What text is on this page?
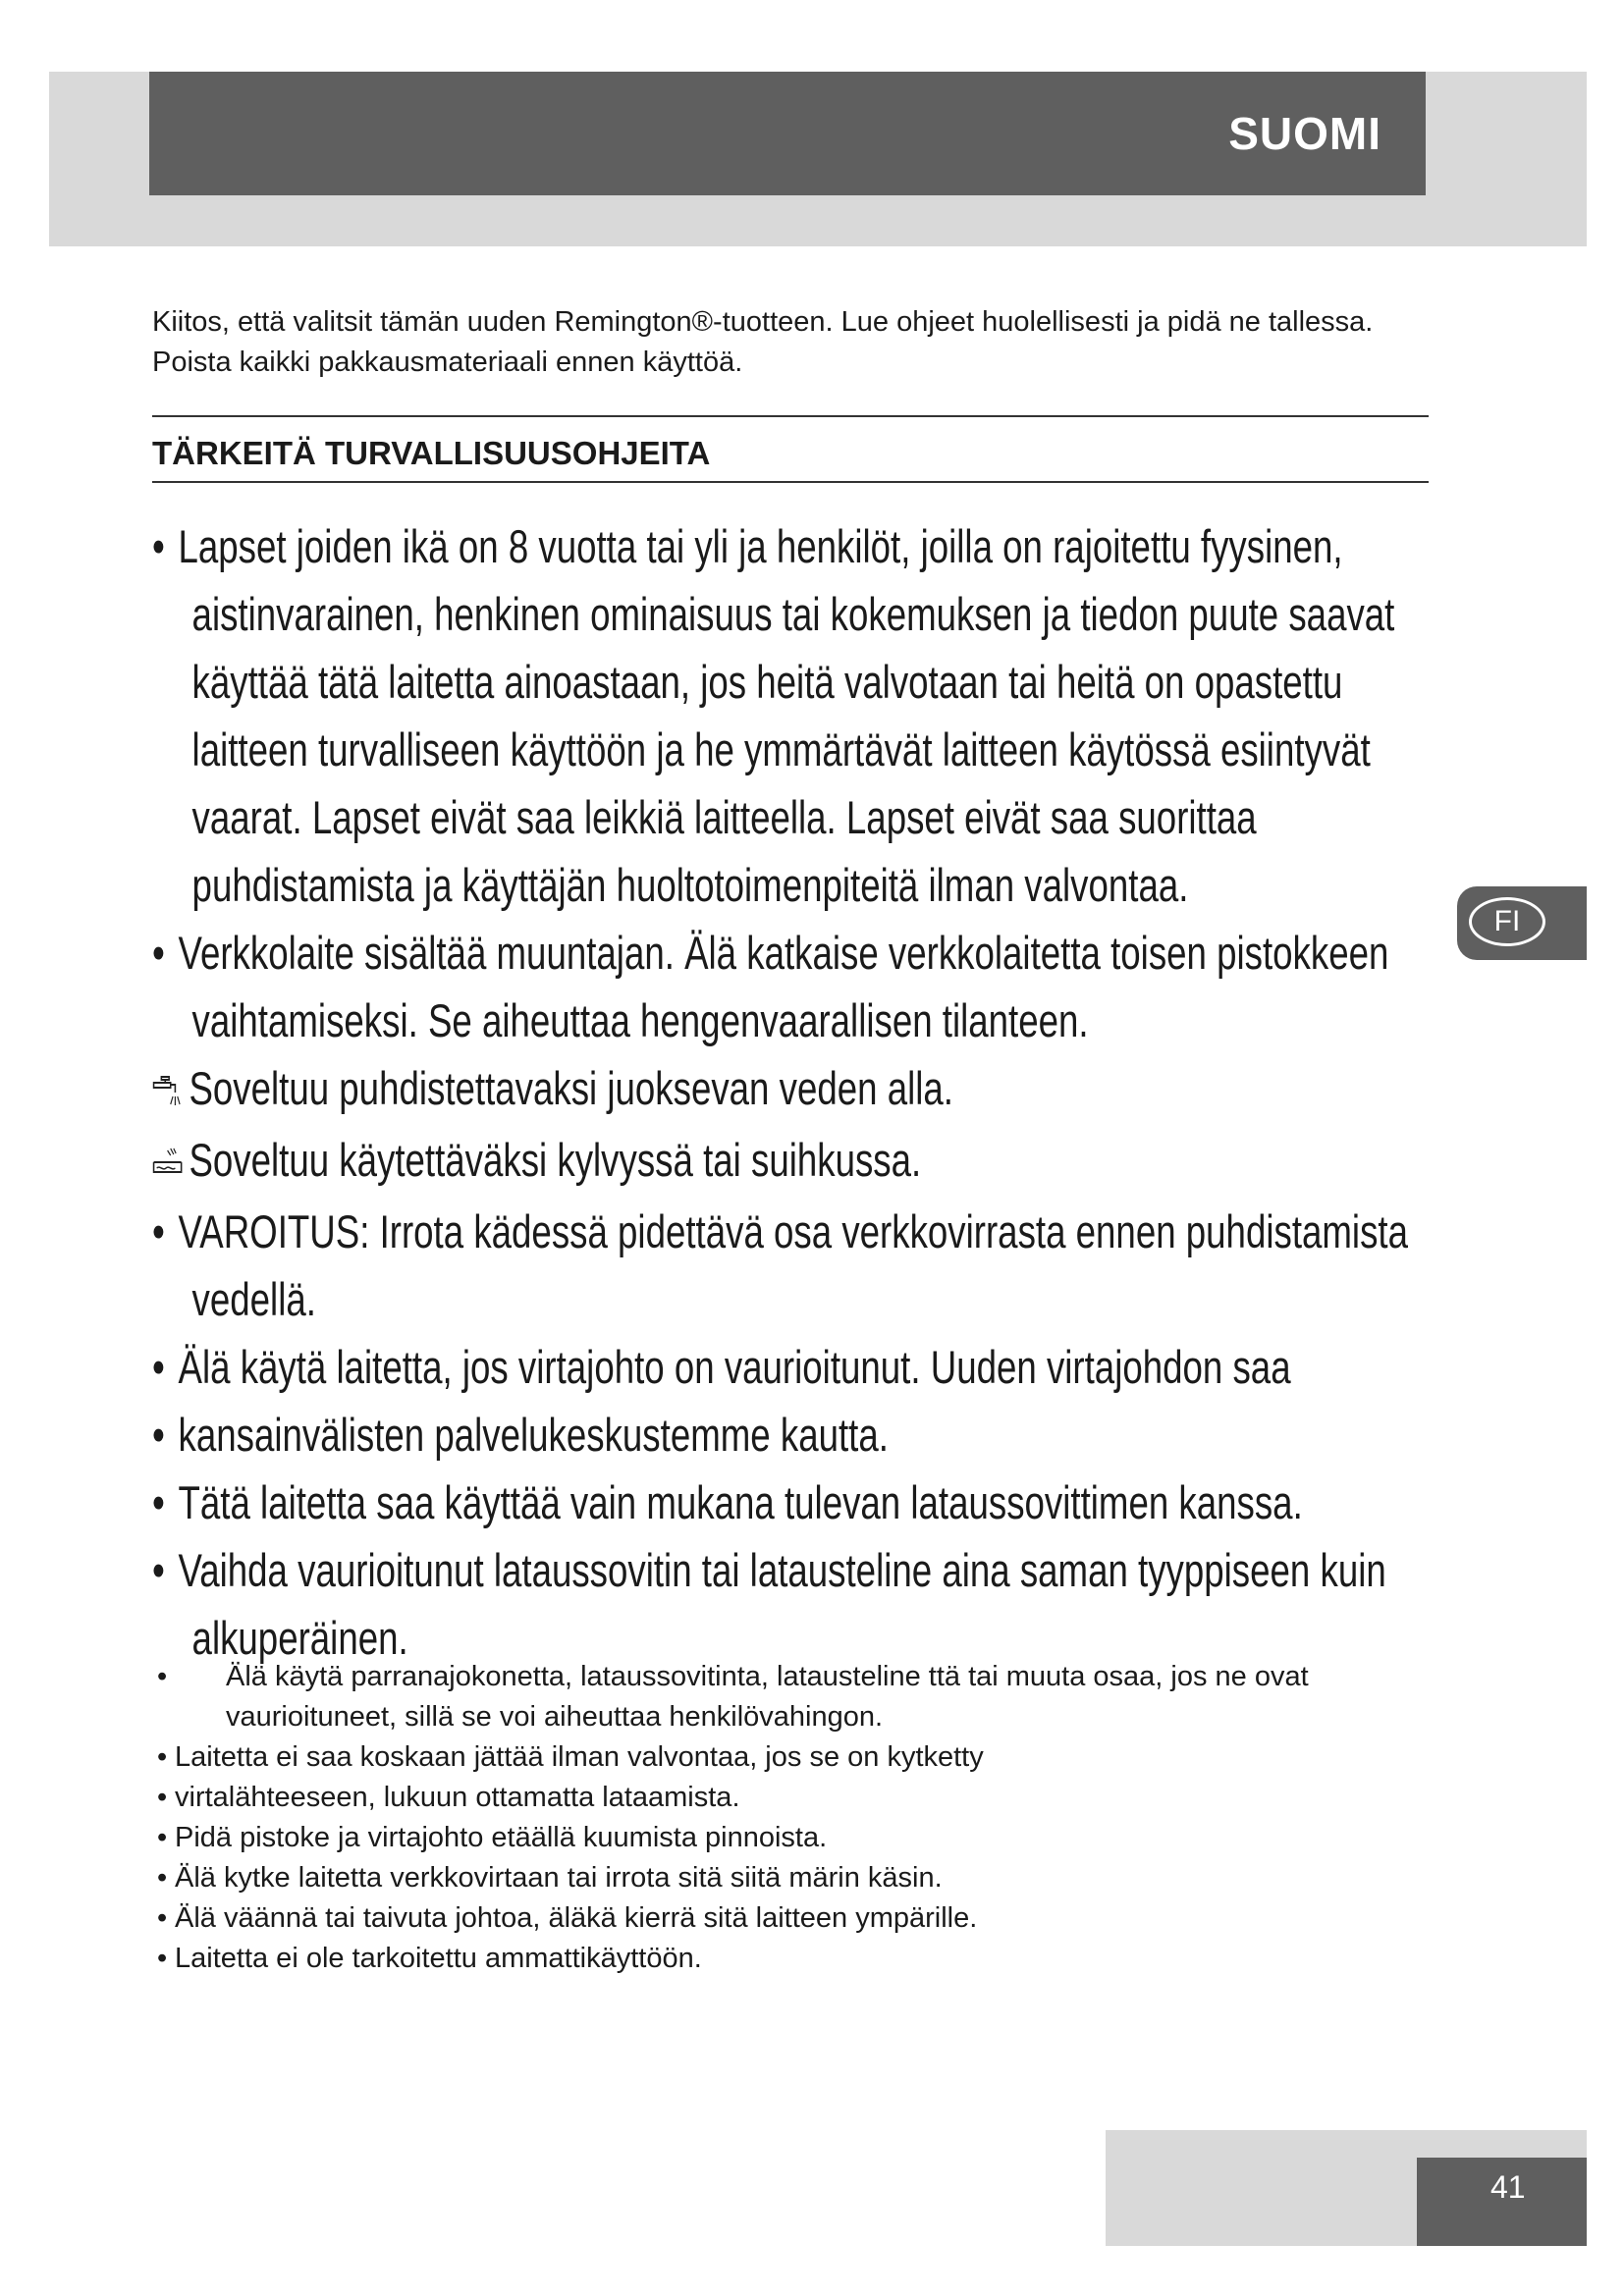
SUOMI

Kiitos, että valitsit tämän uuden Remington®-tuotteen. Lue ohjeet huolellisesti ja pidä ne tallessa. Poista kaikki pakkausmateriaali ennen käyttöä.

TÄRKEITÄ TURVALLISUUSOHJEITA
• Lapset joiden ikä on 8 vuotta tai yli ja henkilöt, joilla on rajoitettu fyysinen,
aistinvarainen, henkinen ominaisuus tai kokemuksen ja tiedon puute saavat
käyttää tätä laitetta ainoastaan, jos heitä valvotaan tai heitä on opastettu
laitteen turvalliseen käyttöön ja he ymmärtävät laitteen käytössä esiintyvät
vaarat. Lapset eivät saa leikkiä laitteella. Lapset eivät saa suorittaa
puhdistamista ja käyttäjän huoltotoimenpiteitä ilman valvontaa.
• Verkkolaite sisältää muuntajan. Älä katkaise verkkolaitetta toisen pistokkeen
vaihtamiseksi. Se aiheuttaa hengenvaarallisen tilanteen.
Soveltuu puhdistettavaksi juoksevan veden alla.
Soveltuu käytettäväksi kylvyssä tai suihkussa.
• VAROITUS: Irrota kädessä pidettävä osa verkkovirrasta ennen puhdistamista
vedellä.
• Älä käytä laitetta, jos virtajohto on vaurioitunut. Uuden virtajohdon saa
• kansainvälisten palvelukeskustemme kautta.
• Tätä laitetta saa käyttää vain mukana tulevan lataussovittimen kanssa.
• Vaihda vaurioitunut lataussovitin tai latausteline aina saman tyyppiseen kuin
alkuperäinen.
• Älä käytä parranajokonetta, lataussovitinta, latausteline ttä tai muuta osaa, jos ne ovat
vaurioituneet, sillä se voi aiheuttaa henkilövahingon.
• Laitetta ei saa koskaan jättää ilman valvontaa, jos se on kytketty
• virtalähteeseen, lukuun ottamatta lataamista.
• Pidä pistoke ja virtajohto etäällä kuumista pinnoista.
• Älä kytke laitetta verkkovirtaan tai irrota sitä siitä märin käsin.
• Älä väännä tai taivuta johtoa, äläkä kierrä sitä laitteen ympärille.
• Laitetta ei ole tarkoitettu ammattikäyttöön.
FI
41
